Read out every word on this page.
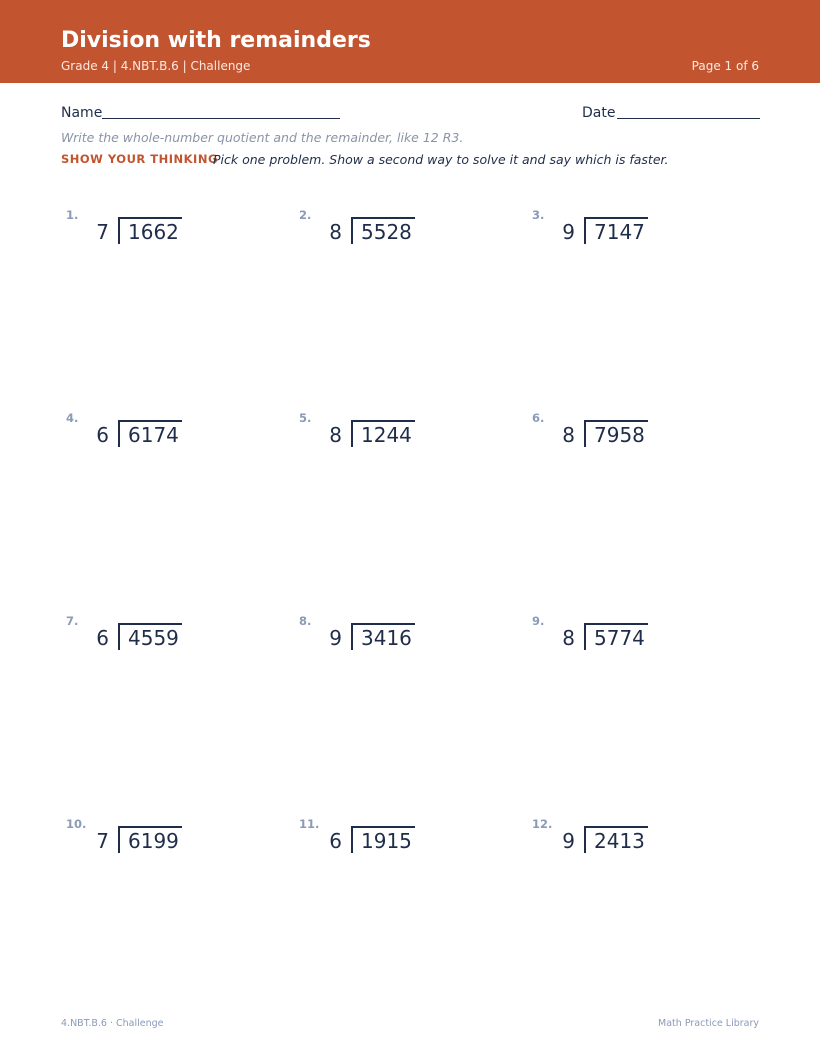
Division with remainders
Grade 4 | 4.NBT.B.6 | Challenge	Page 1 of 6
Name	Date
Write the whole-number quotient and the remainder, like 12 R3.
SHOW YOUR THINKING
Pick one problem. Show a second way to solve it and say which is faster.
1.
7 1662
2.
8 5528
3.
9 7147
4.
6 6174
5.
8 1244
6.
8 7958
7.
6 4559
8.
9 3416
9.
8 5774
10.
7 6199
11.
6 1915
12.
9 2413
4.NBT.B.6 · Challenge	Math Practice Library
